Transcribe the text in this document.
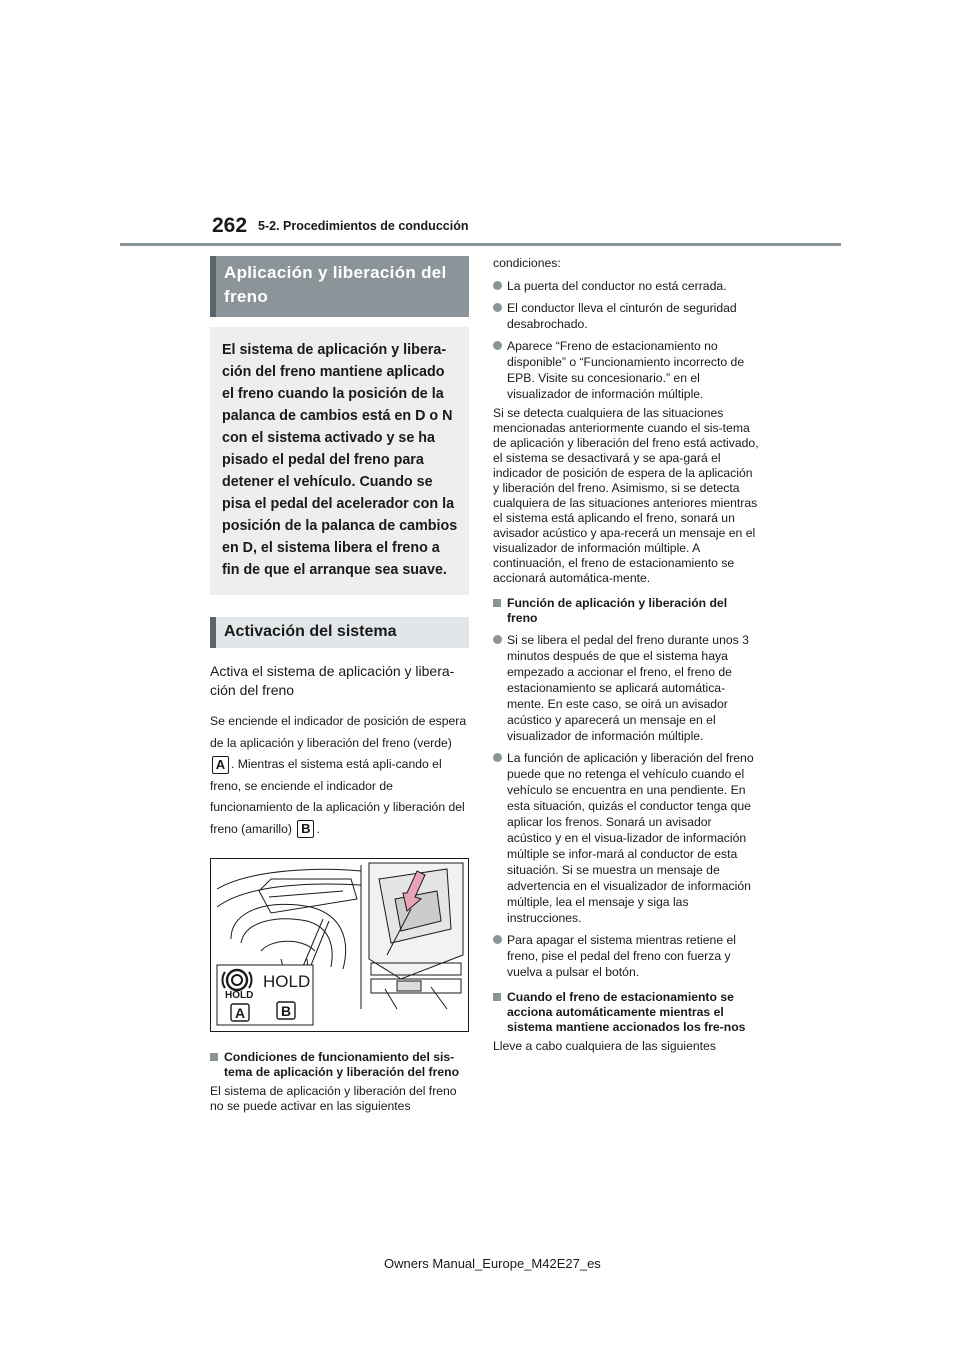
262 5-2. Procedimientos de conducción
Aplicación y liberación del freno
El sistema de aplicación y libera-ción del freno mantiene aplicado el freno cuando la posición de la palanca de cambios está en D o N con el sistema activado y se ha pisado el pedal del freno para detener el vehículo. Cuando se pisa el pedal del acelerador con la posición de la palanca de cambios en D, el sistema libera el freno a fin de que el arranque sea suave.
Activación del sistema
Activa el sistema de aplicación y libera-ción del freno
Se enciende el indicador de posición de espera de la aplicación y liberación del freno (verde) A . Mientras el sistema está apli-cando el freno, se enciende el indicador de funcionamiento de la aplicación y liberación del freno (amarillo) B .
HOLD
HOLD
A	B
Condiciones de funcionamiento del sis-tema de aplicación y liberación del freno
El sistema de aplicación y liberación del freno no se puede activar en las siguientes
condiciones:
La puerta del conductor no está cerrada.
El conductor lleva el cinturón de seguridad desabrochado.
Aparece “Freno de estacionamiento no disponible” o “Funcionamiento incorrecto de EPB. Visite su concesionario.” en el visualizador de información múltiple.
Si se detecta cualquiera de las situaciones mencionadas anteriormente cuando el sis-tema de aplicación y liberación del freno está activado, el sistema se desactivará y se apa-gará el indicador de posición de espera de la aplicación y liberación del freno. Asimismo, si se detecta cualquiera de las situaciones anteriores mientras el sistema está aplicando el freno, sonará un avisador acústico y apa-recerá un mensaje en el visualizador de información múltiple. A continuación, el freno de estacionamiento se accionará automática-mente.
Función de aplicación y liberación del freno
Si se libera el pedal del freno durante unos 3 minutos después de que el sistema haya empezado a accionar el freno, el freno de estacionamiento se aplicará automática-mente. En este caso, se oirá un avisador acústico y aparecerá un mensaje en el visualizador de información múltiple.
La función de aplicación y liberación del freno puede que no retenga el vehículo cuando el vehículo se encuentra en una pendiente. En esta situación, quizás el conductor tenga que aplicar los frenos. Sonará un avisador acústico y en el visua-lizador de información múltiple se infor-mará al conductor de esta situación. Si se muestra un mensaje de advertencia en el visualizador de información múltiple, lea el mensaje y siga las instrucciones.
Para apagar el sistema mientras retiene el freno, pise el pedal del freno con fuerza y vuelva a pulsar el botón.
Cuando el freno de estacionamiento se acciona automáticamente mientras el sistema mantiene accionados los fre-nos
Lleve a cabo cualquiera de las siguientes
Owners Manual_Europe_M42E27_es
